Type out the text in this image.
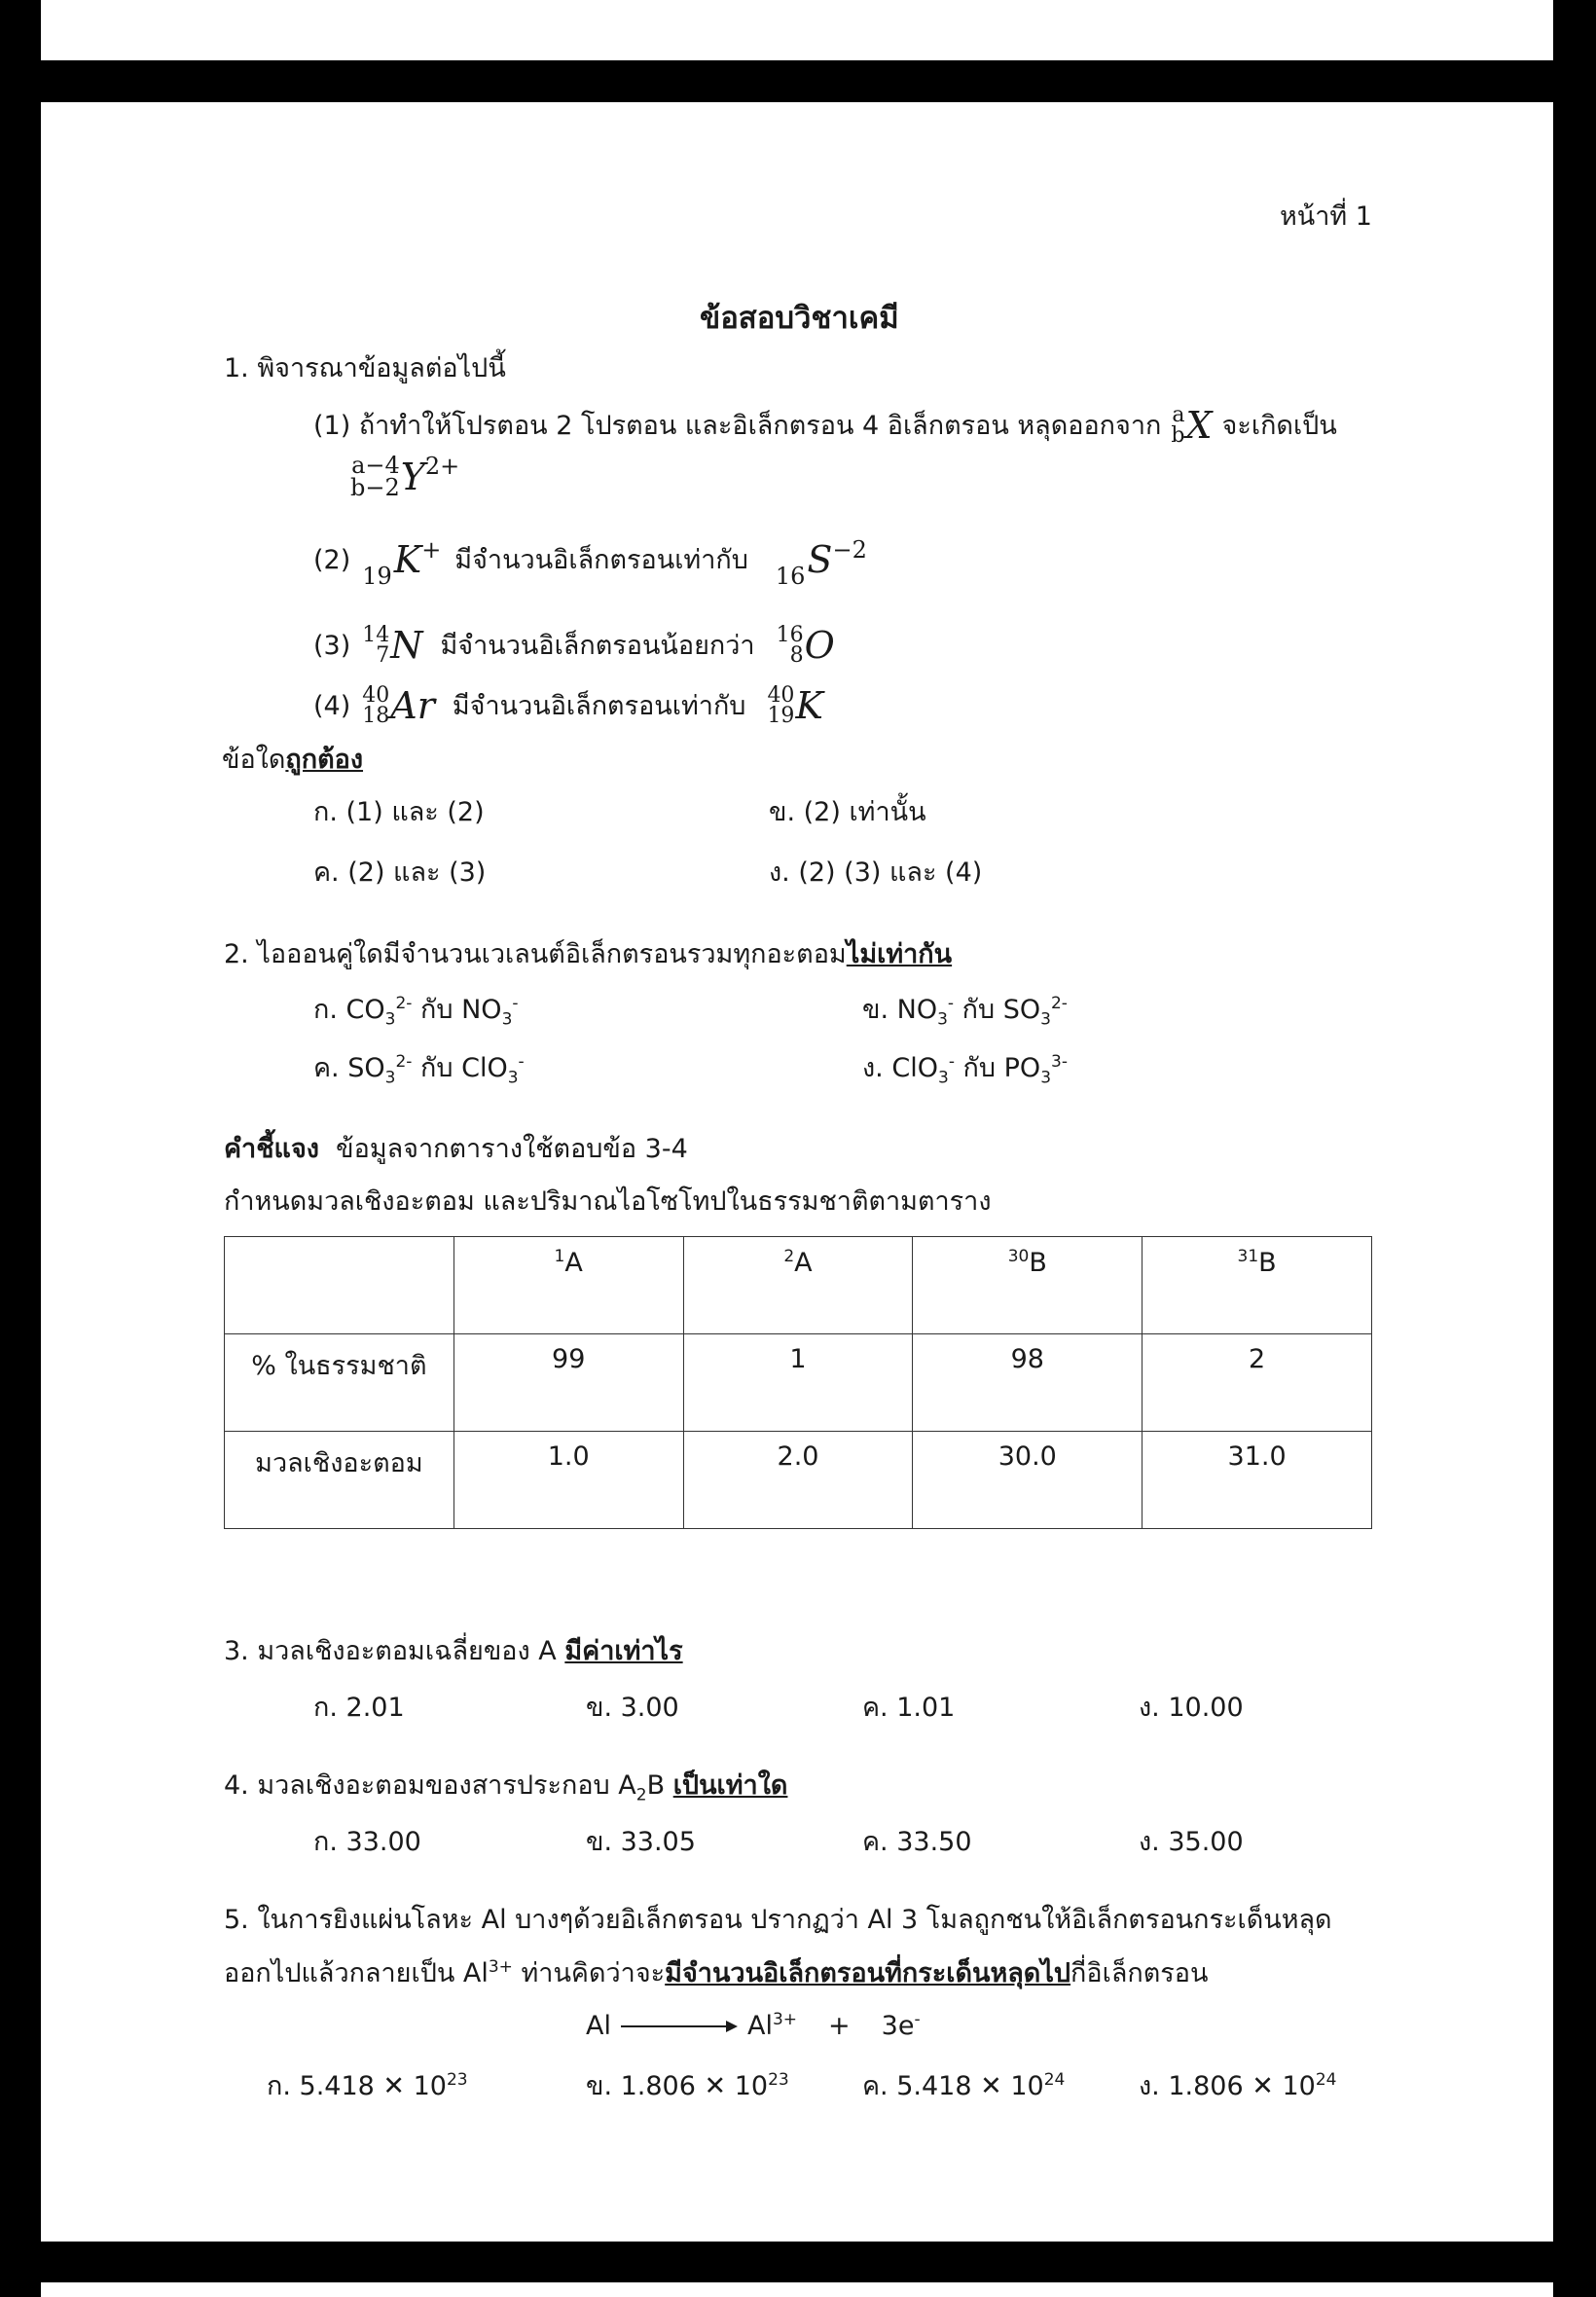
หน้าที่ 1
ข้อสอบวิชาเคมี
1. พิจารณาข้อมูลต่อไปนี้
(1) ถ้าทำให้โปรตอน 2 โปรตอน และอิเล็กตรอน 4 อิเล็กตรอน หลุดออกจาก a
b X จะเกิดเป็น
a−4
b−2 Y 2+
(2)
19 K + มีจำนวนอิเล็กตรอนเท่ากับ
16 S −2
(3) 14
7 N มีจำนวนอิเล็กตรอนน้อยกว่า 16
8 O
(4) 40
18 Ar มีจำนวนอิเล็กตรอนเท่ากับ 40
19 K
ข้อใดถูกต้อง
ก. (1) และ (2)	ข. (2) เท่านั้น
ค. (2) และ (3)	ง. (2) (3) และ (4)
2. ไอออนคู่ใดมีจำนวนเวเลนต์อิเล็กตรอนรวมทุกอะตอมไม่เท่ากัน
ก. $CO_3^{2-}$ กับ $NO_3^-$	ข. $NO_3^-$ กับ $SO_3^{2-}$
ค. $SO_3^{2-}$ กับ ClO$_3$-	ง. ClO$_3$- กับ $PO_3^{3-}$
คำชี้แจง ข้อมูลจากตารางใช้ตอบข้อ 3-4
กำหนดมวลเชิงอะตอม และปริมาณไอโซโทปในธรรมชาติตามตาราง
	$^1$A	$^2$A	$^{30}$B	$^{31}$B
% ในธรรมชาติ	99	1	98	2
มวลเชิงอะตอม	1.0	2.0	30.0	31.0
3. มวลเชิงอะตอมเฉลี่ยของ A มีค่าเท่าไร
ก. 2.01	ข. 3.00	ค. 1.01	ง. 10.00
4. มวลเชิงอะตอมของสารประกอบ $A_2B$ เป็นเท่าใด
ก. 33.00	ข. 33.05	ค. 33.50	ง. 35.00
5. ในการยิงแผ่นโลหะ Al บางๆด้วยอิเล็กตรอน ปรากฏว่า Al 3 โมลถูกชนให้อิเล็กตรอนกระเด็นหลุด
ออกไปแล้วกลายเป็น $Al^{3+}$ ท่านคิดว่าจะมีจำนวนอิเล็กตรอนที่กระเด็นหลุดไปกี่อิเล็กตรอน
Al	$Al^{3+} + 3e^-$
ก. 5.418 ✕ $10^{23}$	ข. 1.806 ✕ $10^{23}$	ค. 5.418 ✕ $10^{24}$	ง. 1.806 ✕ $10^{24}$
